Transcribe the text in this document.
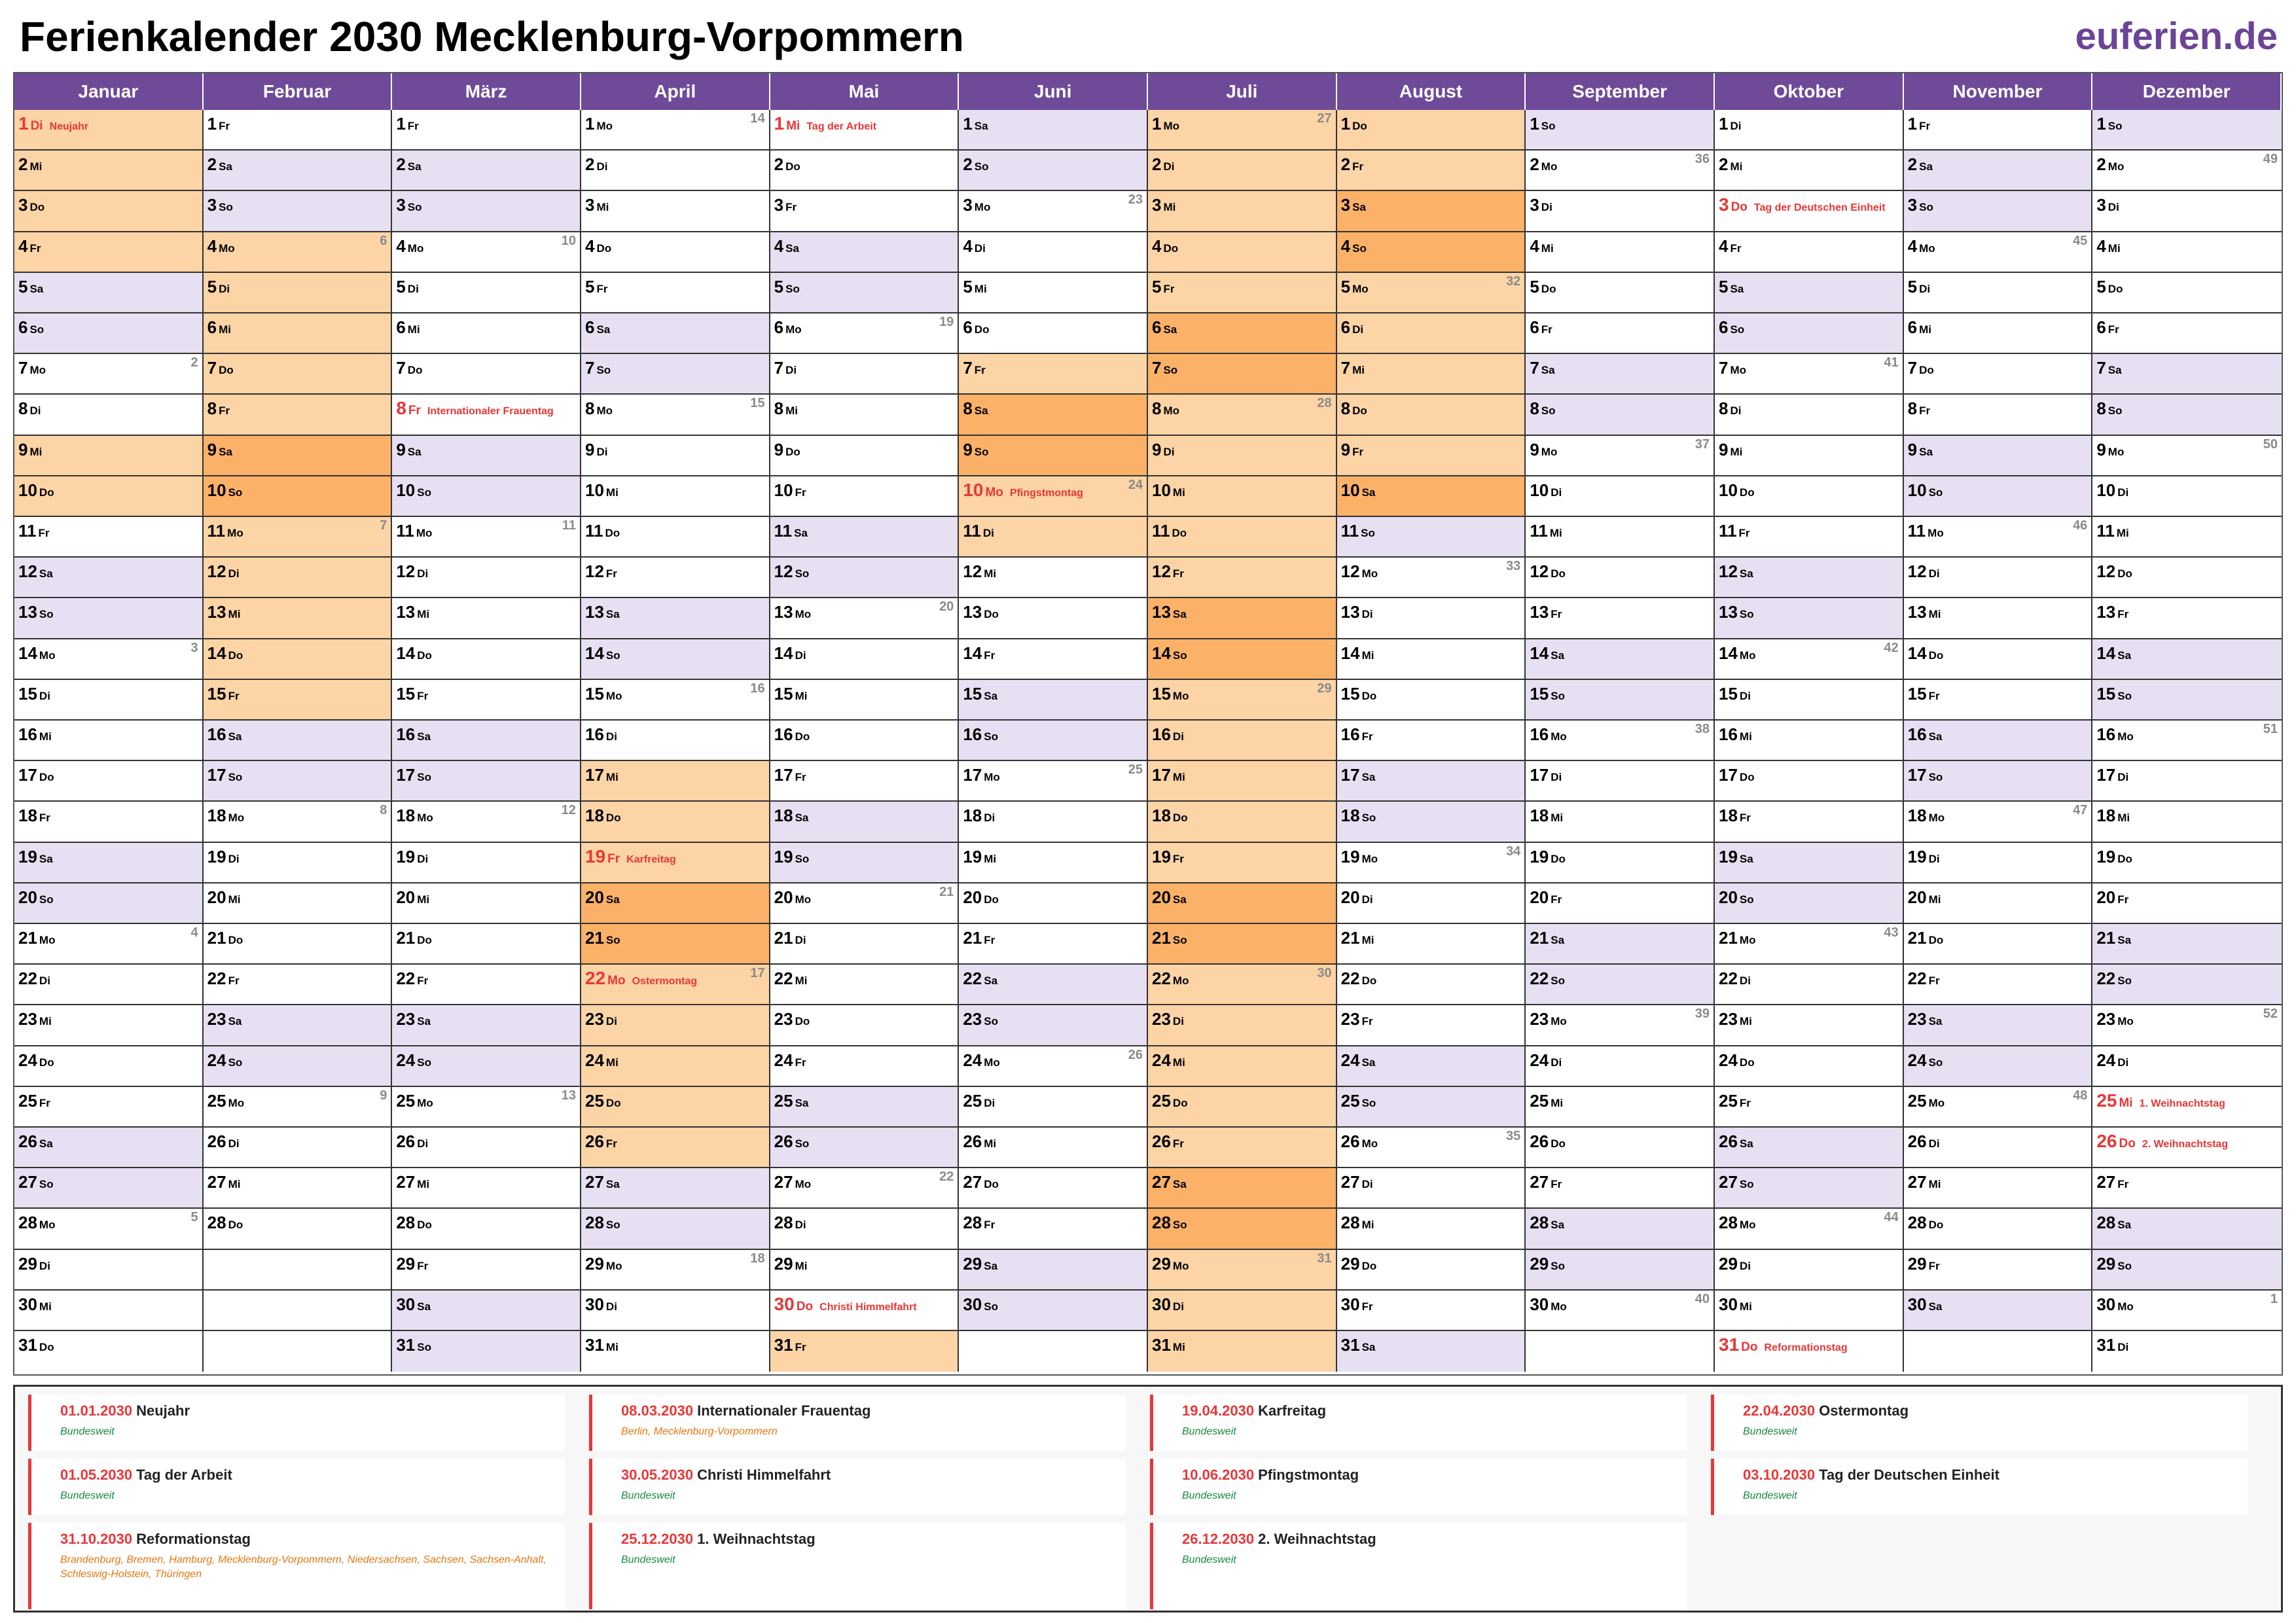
Ferienkalender 2030 Mecklenburg-Vorpommern	euferien.de
Januar
1 Di Neujahr
2 Mi
3 Do
4 Fr
5 Sa
6 So
7 Mo
2
8 Di
9 Mi
10 Do
11 Fr
12 Sa
13 So
14 Mo
3
15 Di
16 Mi
17 Do
18 Fr
19 Sa
20 So
21 Mo
4
22 Di
23 Mi
24 Do
25 Fr
26 Sa
27 So
28 Mo
5
29 Di
30 Mi
31 Do
Februar
1 Fr
2 Sa
3 So
4 Mo
6
5 Di
6 Mi
7 Do
8 Fr
9 Sa
10 So
11 Mo
7
12 Di
13 Mi
14 Do
15 Fr
16 Sa
17 So
18 Mo
8
19 Di
20 Mi
21 Do
22 Fr
23 Sa
24 So
25 Mo
9
26 Di
27 Mi
28 Do
März
1 Fr
2 Sa
3 So
4 Mo
10
5 Di
6 Mi
7 Do
8 Fr Internationaler Frauentag
9 Sa
10 So
11 Mo
11
12 Di
13 Mi
14 Do
15 Fr
16 Sa
17 So
18 Mo
12
19 Di
20 Mi
21 Do
22 Fr
23 Sa
24 So
25 Mo
13
26 Di
27 Mi
28 Do
29 Fr
30 Sa
31 So
April
1 Mo
14
2 Di
3 Mi
4 Do
5 Fr
6 Sa
7 So
8 Mo
15
9 Di
10 Mi
11 Do
12 Fr
13 Sa
14 So
15 Mo
16
16 Di
17 Mi
18 Do
19 Fr Karfreitag
20 Sa
21 So
22 Mo Ostermontag
17
23 Di
24 Mi
25 Do
26 Fr
27 Sa
28 So
29 Mo
18
30 Di
31 Mi
Mai
1 Mi Tag der Arbeit
2 Do
3 Fr
4 Sa
5 So
6 Mo
19
7 Di
8 Mi
9 Do
10 Fr
11 Sa
12 So
13 Mo
20
14 Di
15 Mi
16 Do
17 Fr
18 Sa
19 So
20 Mo
21
21 Di
22 Mi
23 Do
24 Fr
25 Sa
26 So
27 Mo
22
28 Di
29 Mi
30 Do Christi Himmelfahrt
31 Fr
Juni
1 Sa
2 So
3 Mo
23
4 Di
5 Mi
6 Do
7 Fr
8 Sa
9 So
10 Mo Pfingstmontag
24
11 Di
12 Mi
13 Do
14 Fr
15 Sa
16 So
17 Mo
25
18 Di
19 Mi
20 Do
21 Fr
22 Sa
23 So
24 Mo
26
25 Di
26 Mi
27 Do
28 Fr
29 Sa
30 So
Juli
1 Mo
27
2 Di
3 Mi
4 Do
5 Fr
6 Sa
7 So
8 Mo
28
9 Di
10 Mi
11 Do
12 Fr
13 Sa
14 So
15 Mo
29
16 Di
17 Mi
18 Do
19 Fr
20 Sa
21 So
22 Mo
30
23 Di
24 Mi
25 Do
26 Fr
27 Sa
28 So
29 Mo
31
30 Di
31 Mi
August
1 Do
2 Fr
3 Sa
4 So
5 Mo
32
6 Di
7 Mi
8 Do
9 Fr
10 Sa
11 So
12 Mo
33
13 Di
14 Mi
15 Do
16 Fr
17 Sa
18 So
19 Mo
34
20 Di
21 Mi
22 Do
23 Fr
24 Sa
25 So
26 Mo
35
27 Di
28 Mi
29 Do
30 Fr
31 Sa
September
1 So
2 Mo
36
3 Di
4 Mi
5 Do
6 Fr
7 Sa
8 So
9 Mo
37
10 Di
11 Mi
12 Do
13 Fr
14 Sa
15 So
16 Mo
38
17 Di
18 Mi
19 Do
20 Fr
21 Sa
22 So
23 Mo
39
24 Di
25 Mi
26 Do
27 Fr
28 Sa
29 So
30 Mo
40
Oktober
1 Di
2 Mi
3 Do Tag der Deutschen Einheit
4 Fr
5 Sa
6 So
7 Mo
41
8 Di
9 Mi
10 Do
11 Fr
12 Sa
13 So
14 Mo
42
15 Di
16 Mi
17 Do
18 Fr
19 Sa
20 So
21 Mo
43
22 Di
23 Mi
24 Do
25 Fr
26 Sa
27 So
28 Mo
44
29 Di
30 Mi
31 Do Reformationstag
November
1 Fr
2 Sa
3 So
4 Mo
45
5 Di
6 Mi
7 Do
8 Fr
9 Sa
10 So
11 Mo
46
12 Di
13 Mi
14 Do
15 Fr
16 Sa
17 So
18 Mo
47
19 Di
20 Mi
21 Do
22 Fr
23 Sa
24 So
25 Mo
48
26 Di
27 Mi
28 Do
29 Fr
30 Sa
Dezember
1 So
2 Mo
49
3 Di
4 Mi
5 Do
6 Fr
7 Sa
8 So
9 Mo
50
10 Di
11 Mi
12 Do
13 Fr
14 Sa
15 So
16 Mo
51
17 Di
18 Mi
19 Do
20 Fr
21 Sa
22 So
23 Mo
52
24 Di
25 Mi 1. Weihnachtstag
26 Do 2. Weihnachtstag
27 Fr
28 Sa
29 So
30 Mo
1
31 Di
01.01.2030 Neujahr
Bundesweit
08.03.2030 Internationaler Frauentag
Berlin, Mecklenburg-Vorpommern
19.04.2030 Karfreitag
Bundesweit
22.04.2030 Ostermontag
Bundesweit
01.05.2030 Tag der Arbeit
Bundesweit
30.05.2030 Christi Himmelfahrt
Bundesweit
10.06.2030 Pfingstmontag
Bundesweit
03.10.2030 Tag der Deutschen Einheit
Bundesweit
31.10.2030 Reformationstag
Brandenburg, Bremen, Hamburg, Mecklenburg-Vorpommern, Niedersachsen, Sachsen, Sachsen-Anhalt, Schleswig-Holstein, Thüringen
25.12.2030 1. Weihnachtstag
Bundesweit
26.12.2030 2. Weihnachtstag
Bundesweit
